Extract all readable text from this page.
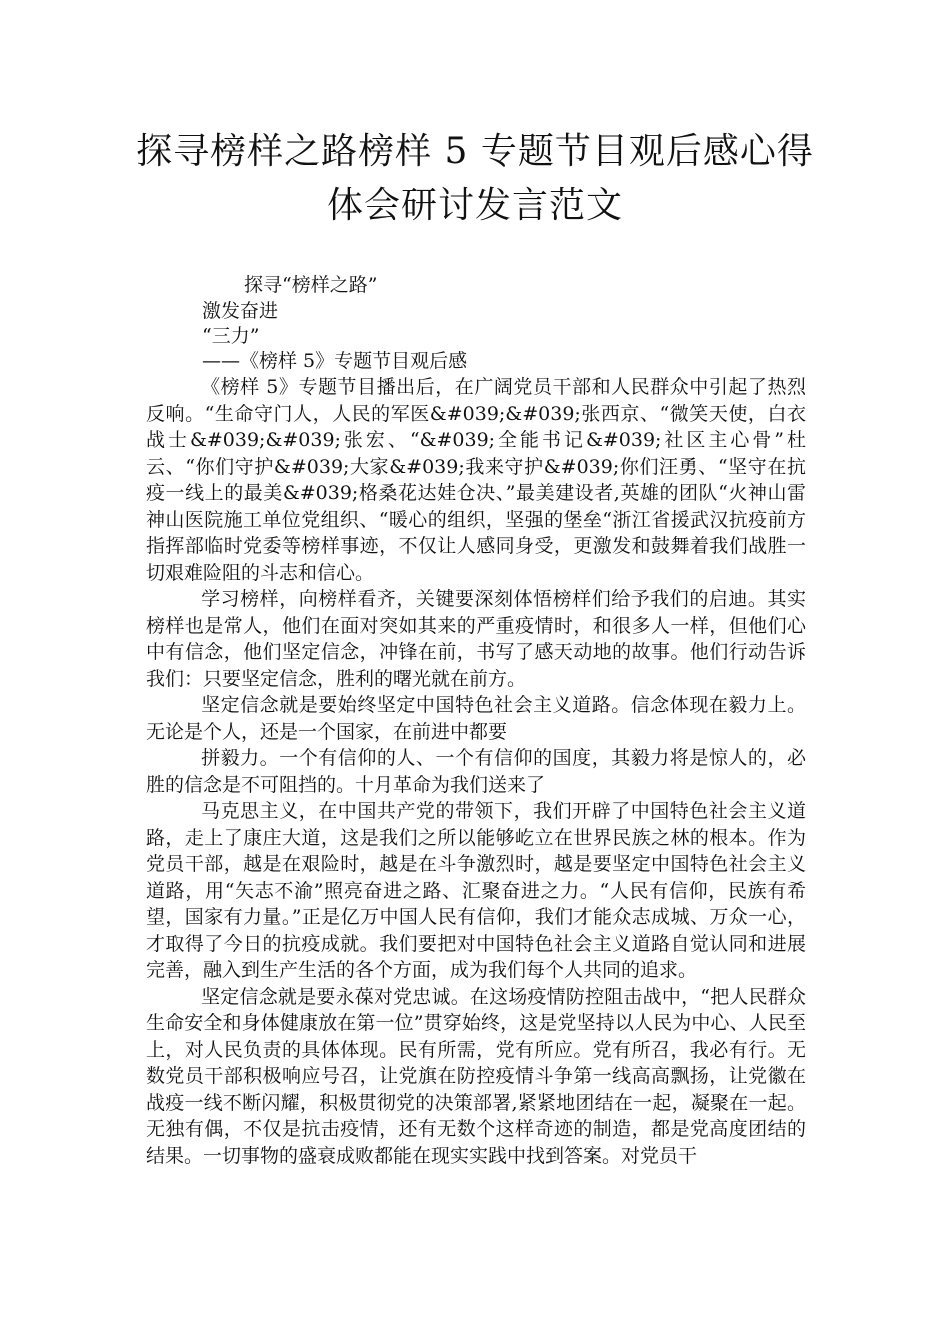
探寻榜样之路榜样 5 专题节目观后感心得
体会研讨发言范文
探寻“榜样之路”
激发奋进
“三力”
——《榜样 5》专题节目观后感

《榜样 5》专题节目播出后，在广阔党员干部和人民群众中引起了热烈反响。“生命守门人，人民的军医&#039;&#039;张西京、“微笑天使，白衣战士&#039;&#039;张宏、“&#039;全能书记&#039;社区主心骨”杜云、“你们守护&#039;大家&#039;我来守护&#039;你们汪勇、“坚守在抗疫一线上的最美&#039;格桑花达娃仓决、”最美建设者,英雄的团队“火神山雷神山医院施工单位党组织、“暖心的组织，坚强的堡垒“浙江省援武汉抗疫前方指挥部临时党委等榜样事迹，不仅让人感同身受，更激发和鼓舞着我们战胜一切艰难险阻的斗志和信心。

学习榜样，向榜样看齐，关键要深刻体悟榜样们给予我们的启迪。其实榜样也是常人，他们在面对突如其来的严重疫情时，和很多人一样，但他们心中有信念，他们坚定信念，冲锋在前，书写了感天动地的故事。他们行动告诉我们：只要坚定信念，胜利的曙光就在前方。

坚定信念就是要始终坚定中国特色社会主义道路。信念体现在毅力上。无论是个人，还是一个国家，在前进中都要

拼毅力。一个有信仰的人、一个有信仰的国度，其毅力将是惊人的，必胜的信念是不可阻挡的。十月革命为我们送来了

马克思主义，在中国共产党的带领下，我们开辟了中国特色社会主义道路，走上了康庄大道，这是我们之所以能够屹立在世界民族之林的根本。作为党员干部，越是在艰险时，越是在斗争激烈时，越是要坚定中国特色社会主义道路，用“矢志不渝”照亮奋进之路、汇聚奋进之力。“人民有信仰，民族有希望，国家有力量。”正是亿万中国人民有信仰，我们才能众志成城、万众一心，才取得了今日的抗疫成就。我们要把对中国特色社会主义道路自觉认同和进展完善，融入到生产生活的各个方面，成为我们每个人共同的追求。

坚定信念就是要永葆对党忠诚。在这场疫情防控阻击战中，“把人民群众生命安全和身体健康放在第一位”贯穿始终，这是党坚持以人民为中心、人民至上，对人民负责的具体体现。民有所需，党有所应。党有所召，我必有行。无数党员干部积极响应号召，让党旗在防控疫情斗争第一线高高飘扬，让党徽在战疫一线不断闪耀，积极贯彻党的决策部署,紧紧地团结在一起，凝聚在一起。无独有偶，不仅是抗击疫情，还有无数个这样奇迹的制造，都是党高度团结的结果。一切事物的盛衰成败都能在现实实践中找到答案。对党员干
